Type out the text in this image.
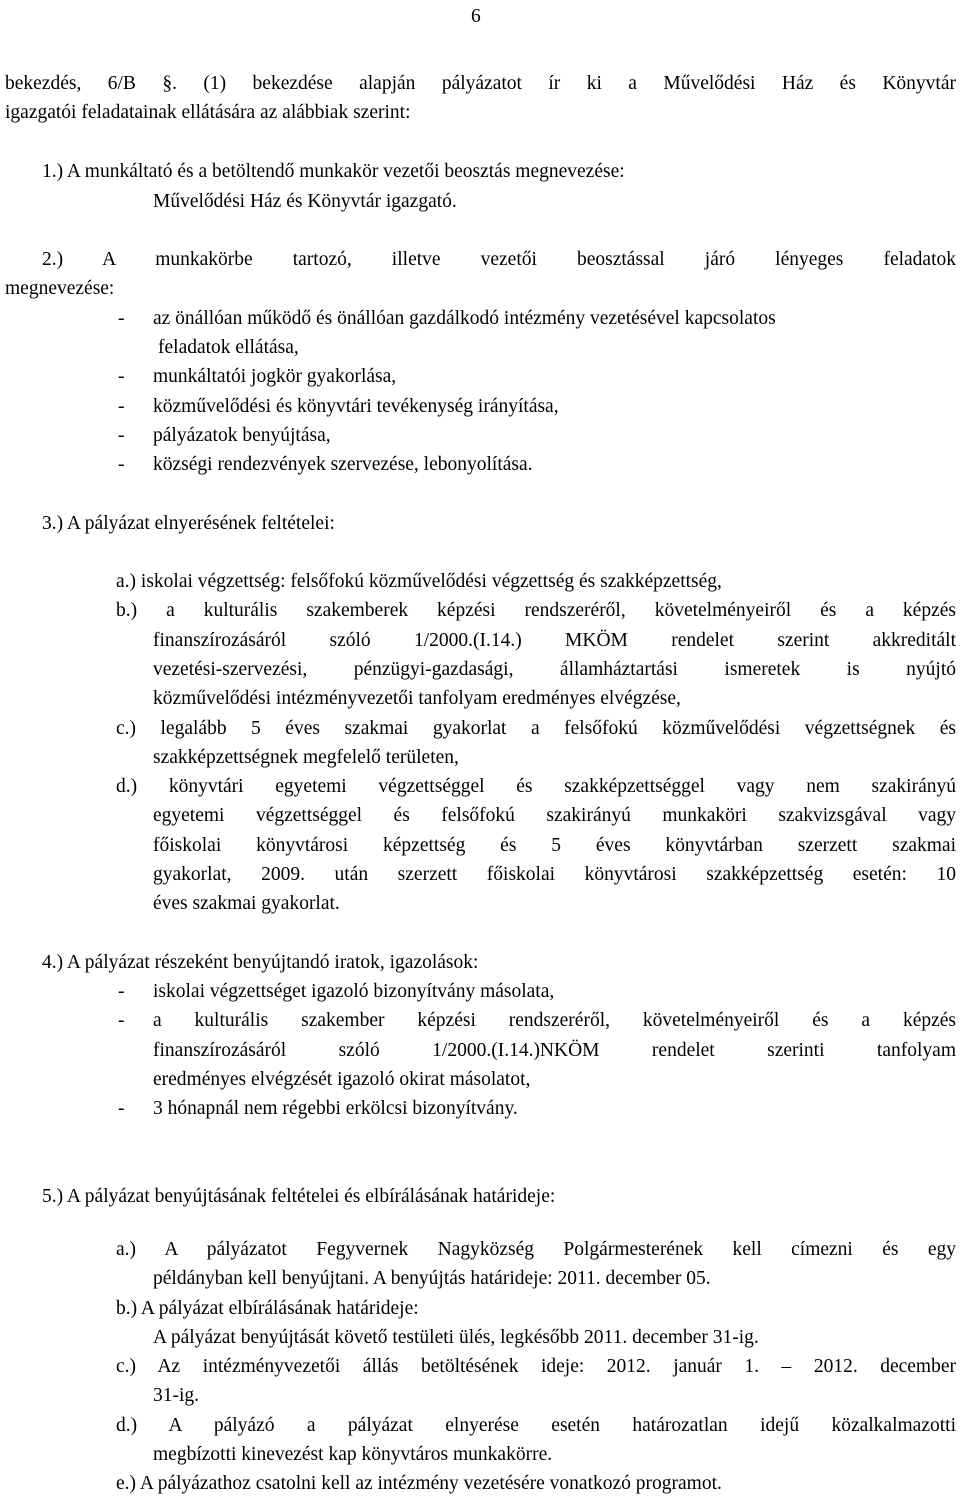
6
bekezdés, 6/B §. (1) bekezdése alapján pályázatot ír ki a Művelődési Ház és Könyvtár
igazgatói feladatainak ellátására az alábbiak szerint:
1.) A munkáltató és a betöltendő munkakör vezetői beosztás megnevezése:
Művelődési Ház és Könyvtár igazgató.
2.) A munkakörbe tartozó, illetve vezetői beosztással járó lényeges feladatok
megnevezése:
- az önállóan működő és önállóan gazdálkodó intézmény vezetésével kapcsolatos
feladatok ellátása,
- munkáltatói jogkör gyakorlása,
- közművelődési és könyvtári tevékenység irányítása,
- pályázatok benyújtása,
- községi rendezvények szervezése, lebonyolítása.
3.) A pályázat elnyerésének feltételei:
a.) iskolai végzettség: felsőfokú közművelődési végzettség és szakképzettség,
b.) a kulturális szakemberek képzési rendszeréről, követelményeiről és a képzés
finanszírozásáról szóló 1/2000.(I.14.) MKÖM rendelet szerint akkreditált
vezetési-szervezési, pénzügyi-gazdasági, államháztartási ismeretek is nyújtó
közművelődési intézményvezetői tanfolyam eredményes elvégzése,
c.) legalább 5 éves szakmai gyakorlat a felsőfokú közművelődési végzettségnek és
szakképzettségnek megfelelő területen,
d.) könyvtári egyetemi végzettséggel és szakképzettséggel vagy nem szakirányú
egyetemi végzettséggel és felsőfokú szakirányú munkaköri szakvizsgával vagy
főiskolai könyvtárosi képzettség és 5 éves könyvtárban szerzett szakmai
gyakorlat, 2009. után szerzett főiskolai könyvtárosi szakképzettség esetén: 10
éves szakmai gyakorlat.
4.) A pályázat részeként benyújtandó iratok, igazolások:
- iskolai végzettséget igazoló bizonyítvány másolata,
- a kulturális szakember képzési rendszeréről, követelményeiről és a képzés
finanszírozásáról szóló 1/2000.(I.14.)NKÖM rendelet szerinti tanfolyam
eredményes elvégzését igazoló okirat másolatot,
- 3 hónapnál nem régebbi erkölcsi bizonyítvány.
5.) A pályázat benyújtásának feltételei és elbírálásának határideje:
a.) A pályázatot Fegyvernek Nagyközség Polgármesterének kell címezni és egy
példányban kell benyújtani. A benyújtás határideje: 2011. december 05.
b.) A pályázat elbírálásának határideje:
A pályázat benyújtását követő testületi ülés, legkésőbb 2011. december 31-ig.
c.) Az intézményvezetői állás betöltésének ideje: 2012. január 1. – 2012. december
31-ig.
d.) A pályázó a pályázat elnyerése esetén határozatlan idejű közalkalmazotti
megbízotti kinevezést kap könyvtáros munkakörre.
e.) A pályázathoz csatolni kell az intézmény vezetésére vonatkozó programot.
